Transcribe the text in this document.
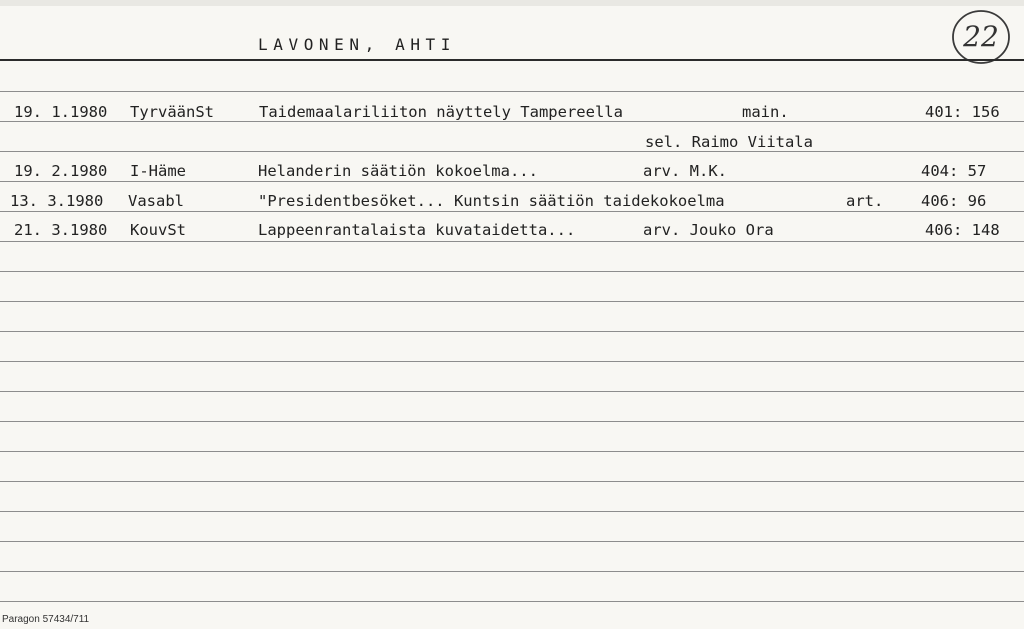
LAVONEN, AHTI	22
19. 1.1980 TyrväänSt	Taidemaalariliiton näyttely Tampereella	main.	401: 156
sel. Raimo Viitala
19. 2.1980 I-Häme	Helanderin säätiön kokoelma...	arv. M.K.	404: 57
13. 3.1980 Vasabl	"Presidentbesöket... Kuntsin säätiön taidekokoelma	art. 406: 96
21. 3.1980 KouvSt	Lappeenrantalaista kuvataidetta...	arv. Jouko Ora	406: 148
Paragon 57434/711
